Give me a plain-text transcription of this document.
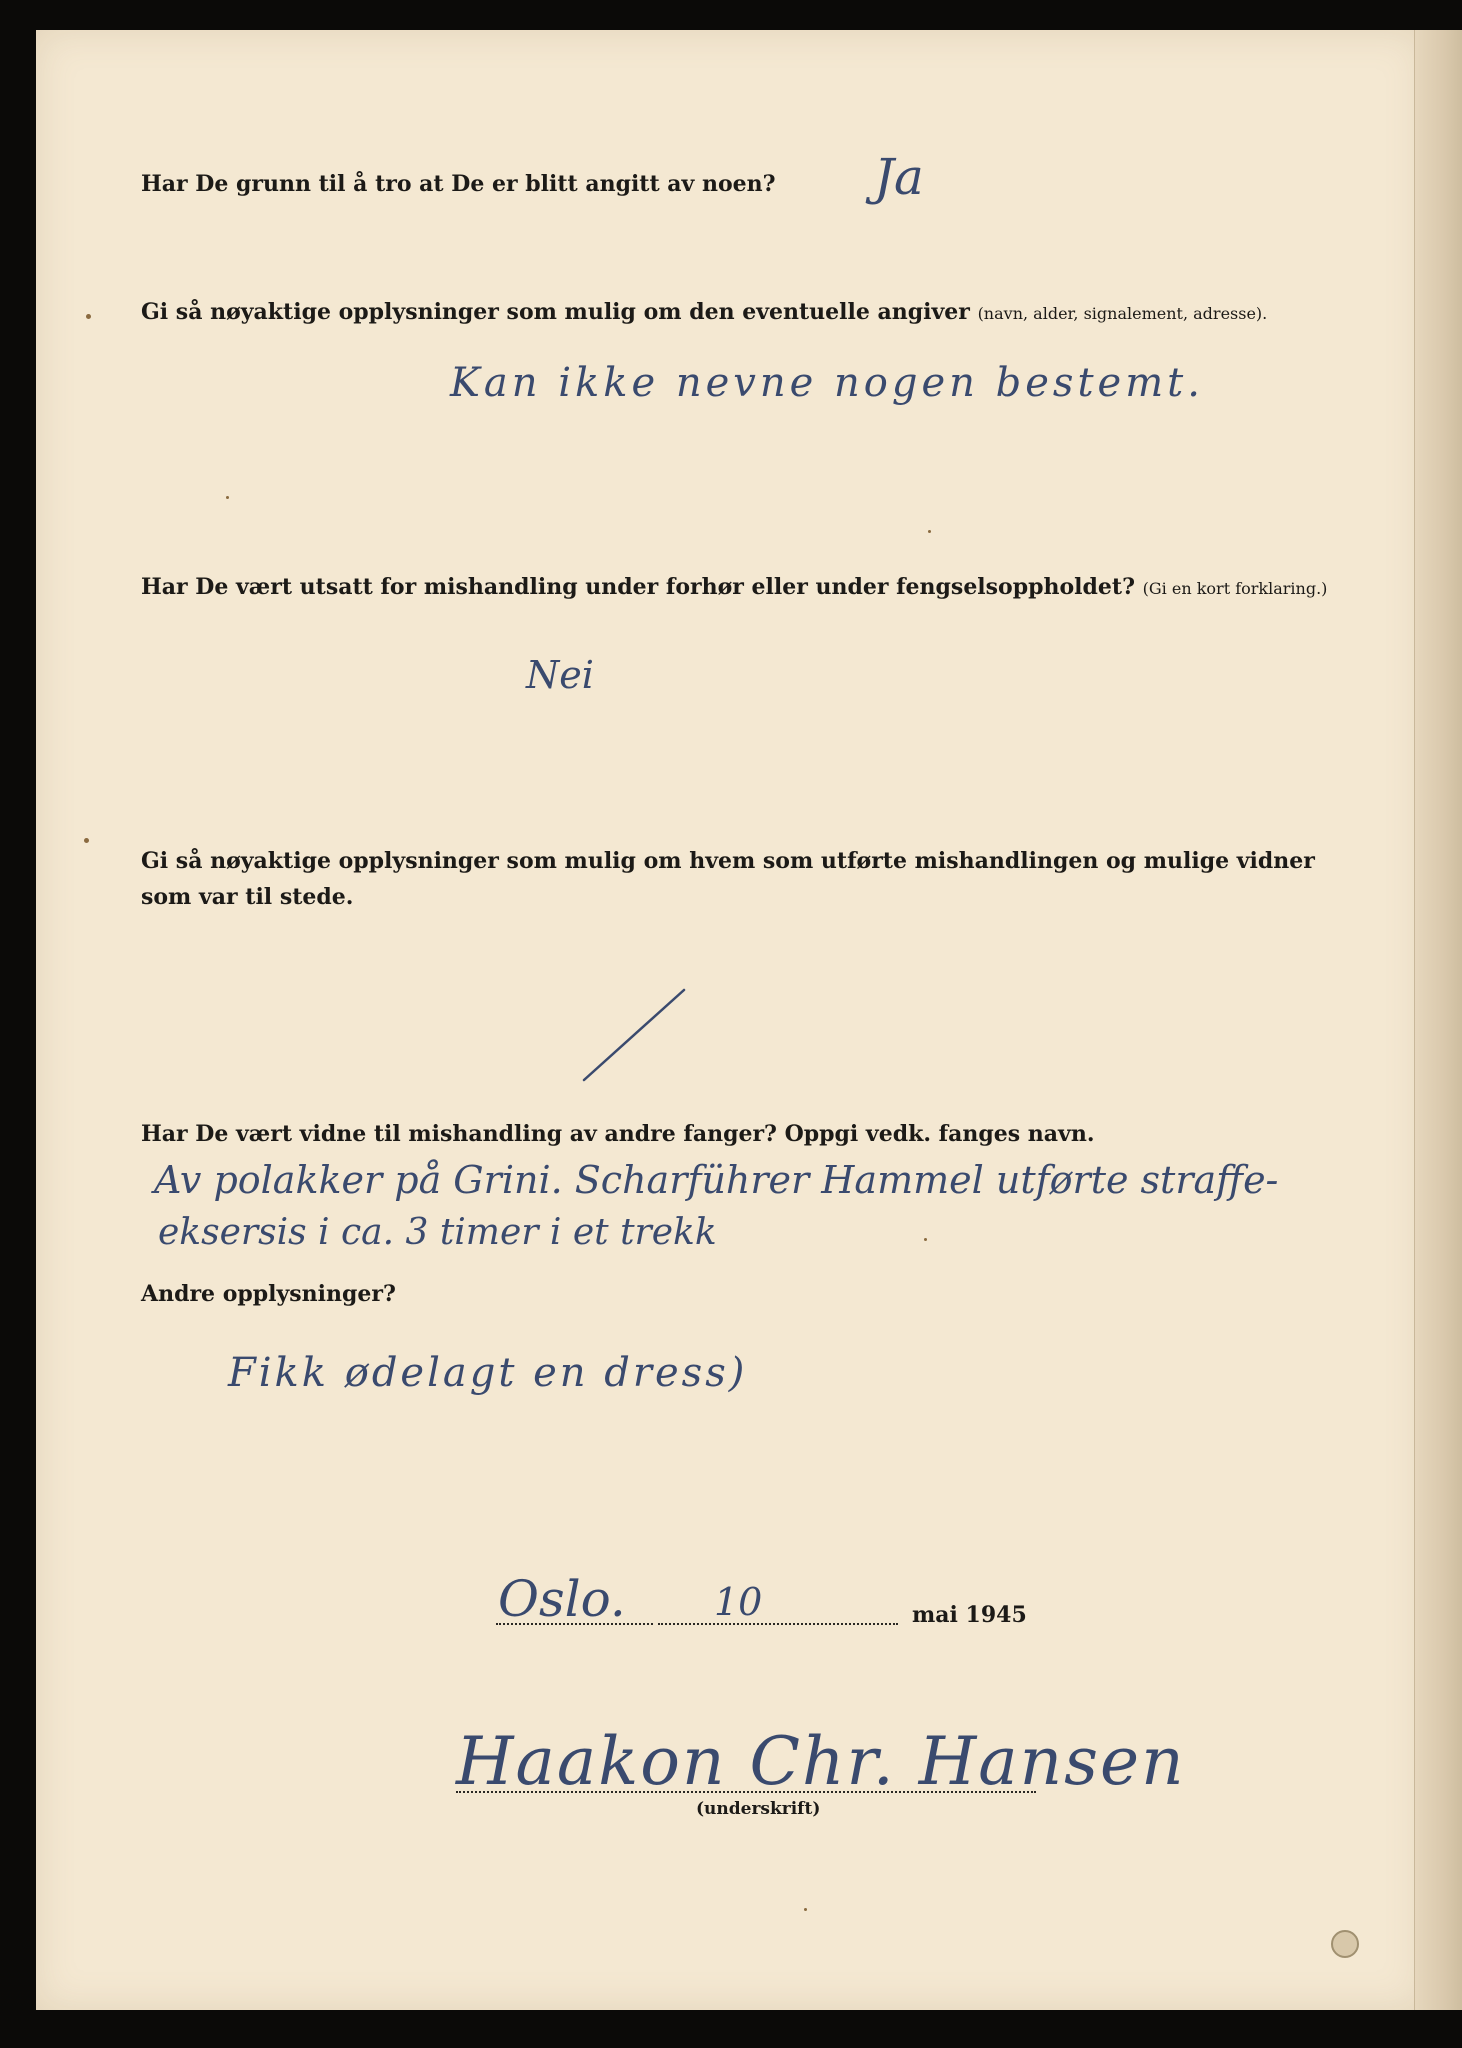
Har De grunn til å tro at De er blitt angitt av noen? Ja
Gi så nøyaktige opplysninger som mulig om den eventuelle angiver (navn, alder, signalement, adresse).
Kan ikke nevne nogen bestemt.
Har De vært utsatt for mishandling under forhør eller under fengselsoppholdet? (Gi en kort forklaring.)
Nei
Gi så nøyaktige opplysninger som mulig om hvem som utførte mishandlingen og mulige vidner
som var til stede.
Har De vært vidne til mishandling av andre fanger? Oppgi vedk. fanges navn.
Av polakker på Grini. Scharführer Hammel utførte straffe-
eksersis i ca. 3 timer i et trekk
Andre opplysninger?
Fikk ødelagt en dress)
Oslo. 10	mai 1945
Haakon Chr. Hansen
(underskrift)
